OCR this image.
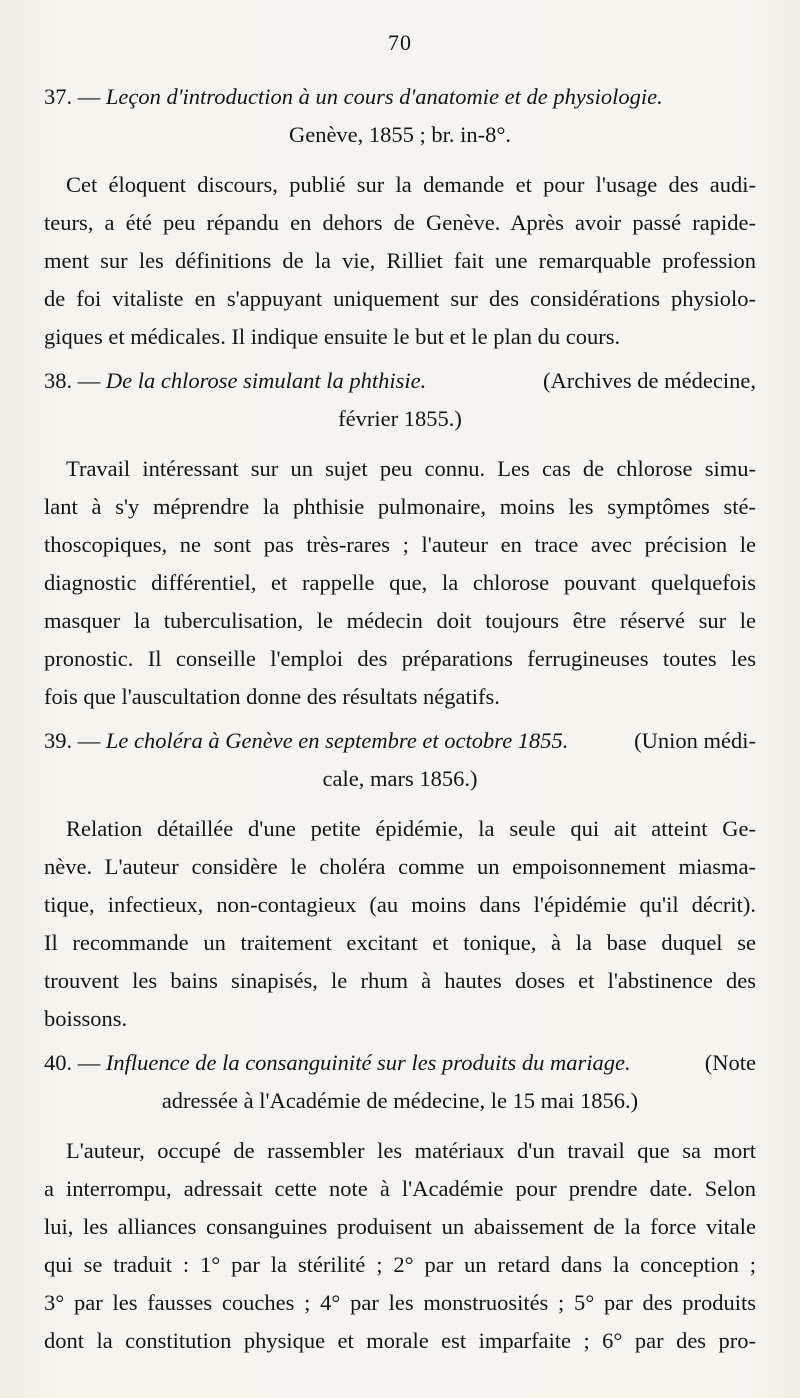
70
37. —
Leçon d'introduction à un cours d'anatomie et de physiologie.
Genève, 1855 ; br. in-8°.
Cet éloquent discours, publié sur la demande et pour l'usage des audi-
teurs, a été peu répandu en dehors de Genève. Après avoir passé rapide-
ment sur les définitions de la vie, Rilliet fait une remarquable profession
de foi vitaliste en s'appuyant uniquement sur des considérations physiolo-
giques et médicales. Il indique ensuite le but et le plan du cours.
38. — De la chlorose simulant la phthisie.	(Archives de médecine,
février 1855.)
Travail intéressant sur un sujet peu connu. Les cas de chlorose simu-
lant à s'y méprendre la phthisie pulmonaire, moins les symptômes sté-
thoscopiques, ne sont pas très-rares ; l'auteur en trace avec précision le
diagnostic différentiel, et rappelle que, la chlorose pouvant quelquefois
masquer la tuberculisation, le médecin doit toujours être réservé sur le
pronostic. Il conseille l'emploi des préparations ferrugineuses toutes les
fois que l'auscultation donne des résultats négatifs.
39. — Le choléra à Genève en septembre et octobre 1855.	(Union médi-
cale, mars 1856.)
Relation détaillée d'une petite épidémie, la seule qui ait atteint Ge-
nève. L'auteur considère le choléra comme un empoisonnement miasma-
tique, infectieux, non-contagieux (au moins dans l'épidémie qu'il décrit).
Il recommande un traitement excitant et tonique, à la base duquel se
trouvent les bains sinapisés, le rhum à hautes doses et l'abstinence des
boissons.
40. — Influence de la consanguinité sur les produits du mariage.	(Note
adressée à l'Académie de médecine, le 15 mai 1856.)
L'auteur, occupé de rassembler les matériaux d'un travail que sa mort
a interrompu, adressait cette note à l'Académie pour prendre date. Selon
lui, les alliances consanguines produisent un abaissement de la force vitale
qui se traduit : 1° par la stérilité ; 2° par un retard dans la conception ;
3° par les fausses couches ; 4° par les monstruosités ; 5° par des produits
dont la constitution physique et morale est imparfaite ; 6° par des pro-
